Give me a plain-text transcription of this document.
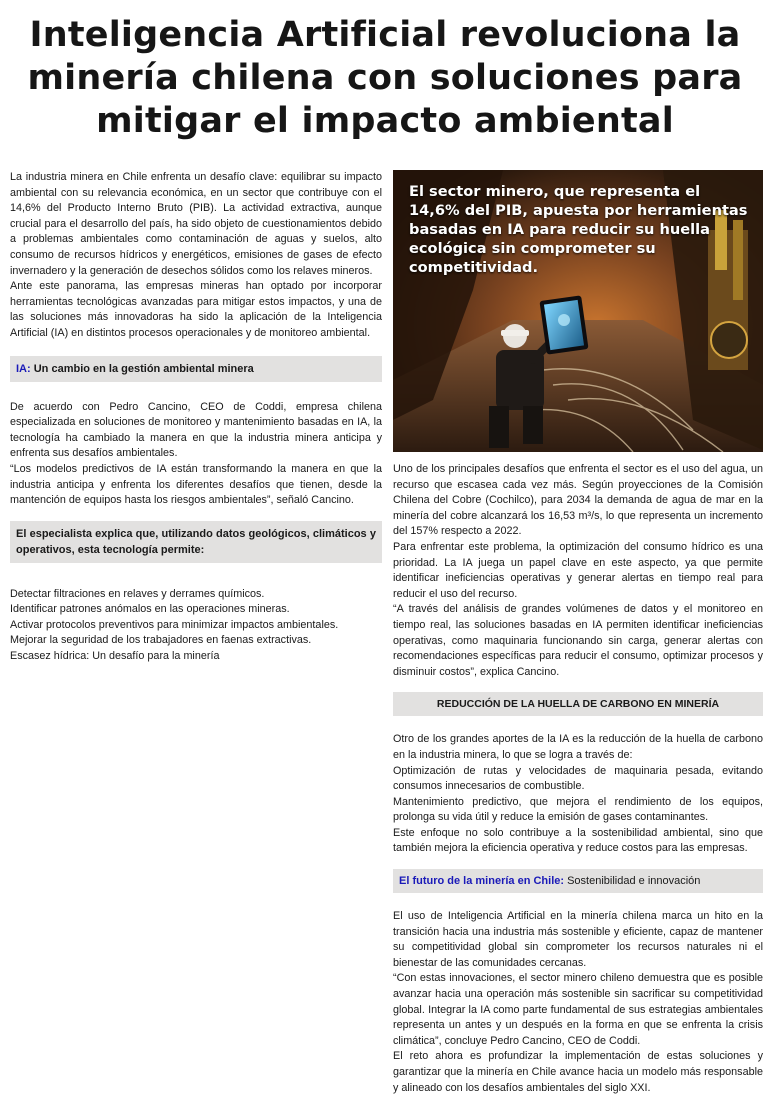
Inteligencia Artificial revoluciona la minería chilena con soluciones para mitigar el impacto ambiental

La industria minera en Chile enfrenta un desafío clave: equilibrar su impacto ambiental con su relevancia económica, en un sector que contribuye con el 14,6% del Producto Interno Bruto (PIB). La actividad extractiva, aunque crucial para el desarrollo del país, ha sido objeto de cuestionamientos debido a problemas ambientales como contaminación de aguas y suelos, alto consumo de recursos hídricos y energéticos, emisiones de gases de efecto invernadero y la generación de desechos sólidos como los relaves mineros.

Ante este panorama, las empresas mineras han optado por incorporar herramientas tecnológicas avanzadas para mitigar estos impactos, y una de las soluciones más innovadoras ha sido la aplicación de la Inteligencia Artificial (IA) en distintos procesos operacionales y de monitoreo ambiental.

IA: Un cambio en la gestión ambiental minera

De acuerdo con Pedro Cancino, CEO de Coddi, empresa chilena especializada en soluciones de monitoreo y mantenimiento basadas en IA, la tecnología ha cambiado la manera en que la industria minera anticipa y enfrenta sus desafíos ambientales.

“Los modelos predictivos de IA están transformando la manera en que la industria anticipa y enfrenta los diferentes desafíos que tienen, desde la mantención de equipos hasta los riesgos ambientales”, señaló Cancino.

El especialista explica que, utilizando datos geológicos, climáticos y operativos, esta tecnología permite:
Detectar filtraciones en relaves y derrames químicos.
Identificar patrones anómalos en las operaciones mineras.
Activar protocolos preventivos para minimizar impactos ambientales.
Mejorar la seguridad de los trabajadores en faenas extractivas.
Escasez hídrica: Un desafío para la minería
El sector minero, que representa el 14,6% del PIB, apuesta por herramientas basadas en IA para reducir su huella ecológica sin comprometer su competitividad.

Uno de los principales desafíos que enfrenta el sector es el uso del agua, un recurso que escasea cada vez más. Según proyecciones de la Comisión Chilena del Cobre (Cochilco), para 2034 la demanda de agua de mar en la minería del cobre alcanzará los 16,53 m³/s, lo que representa un incremento del 157% respecto a 2022.

Para enfrentar este problema, la optimización del consumo hídrico es una prioridad. La IA juega un papel clave en este aspecto, ya que permite identificar ineficiencias operativas y generar alertas en tiempo real para reducir el uso del recurso.

“A través del análisis de grandes volúmenes de datos y el monitoreo en tiempo real, las soluciones basadas en IA permiten identificar ineficiencias operativas, como maquinaria funcionando sin carga, generar alertas con recomendaciones específicas para reducir el consumo, optimizar procesos y disminuir costos”, explica Cancino.

REDUCCIÓN DE LA HUELLA DE CARBONO EN MINERÍA

Otro de los grandes aportes de la IA es la reducción de la huella de carbono en la industria minera, lo que se logra a través de:

Optimización de rutas y velocidades de maquinaria pesada, evitando consumos innecesarios de combustible.

Mantenimiento predictivo, que mejora el rendimiento de los equipos, prolonga su vida útil y reduce la emisión de gases contaminantes.

Este enfoque no solo contribuye a la sostenibilidad ambiental, sino que también mejora la eficiencia operativa y reduce costos para las empresas.

El futuro de la minería en Chile: Sostenibilidad e innovación

El uso de Inteligencia Artificial en la minería chilena marca un hito en la transición hacia una industria más sostenible y eficiente, capaz de mantener su competitividad global sin comprometer los recursos naturales ni el bienestar de las comunidades cercanas.

“Con estas innovaciones, el sector minero chileno demuestra que es posible avanzar hacia una operación más sostenible sin sacrificar su competitividad global. Integrar la IA como parte fundamental de sus estrategias ambientales representa un antes y un después en la forma en que se enfrenta la crisis climática”, concluye Pedro Cancino, CEO de Coddi.

El reto ahora es profundizar la implementación de estas soluciones y garantizar que la minería en Chile avance hacia un modelo más responsable y alineado con los desafíos ambientales del siglo XXI.
